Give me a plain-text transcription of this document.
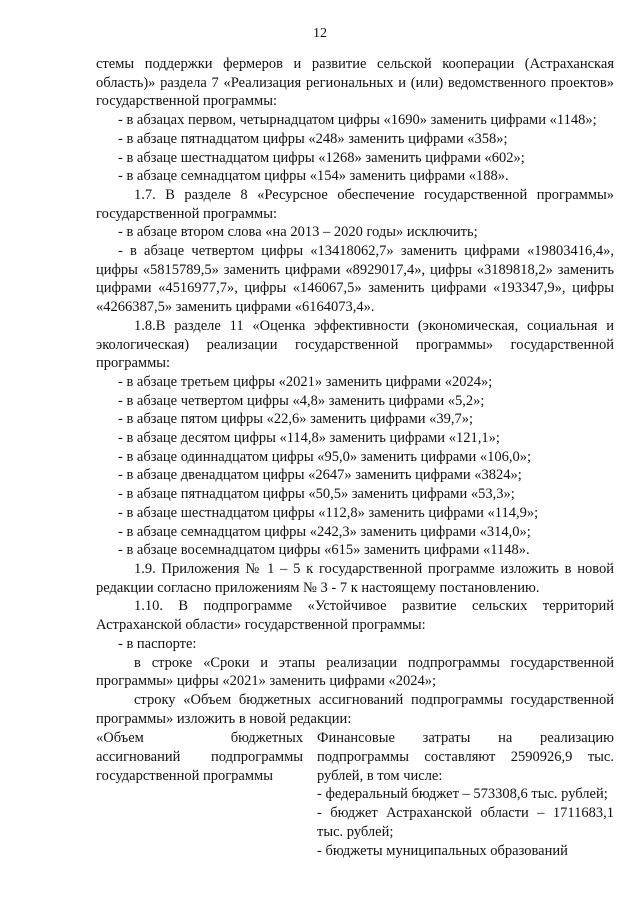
12

стемы поддержки фермеров и развитие сельской кооперации (Астраханская область)» раздела 7 «Реализация региональных и (или) ведомственного проектов» государственной программы:

- в абзацах первом, четырнадцатом цифры «1690» заменить цифрами «1148»;

- в абзаце пятнадцатом цифры «248» заменить цифрами «358»;

- в абзаце шестнадцатом цифры «1268» заменить цифрами «602»;

- в абзаце семнадцатом цифры «154» заменить цифрами «188».

1.7. В разделе 8 «Ресурсное обеспечение государственной программы» государственной программы:

- в абзаце втором слова «на 2013 – 2020 годы» исключить;

- в абзаце четвертом цифры «13418062,7» заменить цифрами «19803416,4», цифры «5815789,5» заменить цифрами «8929017,4», цифры «3189818,2» заменить цифрами «4516977,7», цифры «146067,5» заменить цифрами «193347,9», цифры «4266387,5» заменить цифрами «6164073,4».

1.8.В разделе 11 «Оценка эффективности (экономическая, социальная и экологическая) реализации государственной программы» государственной программы:

- в абзаце третьем цифры «2021» заменить цифрами «2024»;

- в абзаце четвертом цифры «4,8» заменить цифрами «5,2»;

- в абзаце пятом цифры «22,6» заменить цифрами «39,7»;

- в абзаце десятом цифры «114,8» заменить цифрами «121,1»;

- в абзаце одиннадцатом цифры «95,0» заменить цифрами «106,0»;

- в абзаце двенадцатом цифры «2647» заменить цифрами «3824»;

- в абзаце пятнадцатом цифры «50,5» заменить цифрами «53,3»;

- в абзаце шестнадцатом цифры «112,8» заменить цифрами «114,9»;

- в абзаце семнадцатом цифры «242,3» заменить цифрами «314,0»;

- в абзаце восемнадцатом цифры «615» заменить цифрами «1148».

1.9. Приложения № 1 – 5 к государственной программе изложить в новой редакции согласно приложениям № 3 - 7 к настоящему постановлению.

1.10. В подпрограмме «Устойчивое развитие сельских территорий Астраханской области» государственной программы:

- в паспорте:

в строке «Сроки и этапы реализации подпрограммы государственной программы» цифры «2021» заменить цифрами «2024»;

строку «Объем бюджетных ассигнований подпрограммы государственной программы» изложить в новой редакции:

«Объем бюджетных ассигнований подпрограммы государственной программы

Финансовые затраты на реализацию подпрограммы составляют 2590926,9 тыс. рублей, в том числе:

- федеральный бюджет – 573308,6 тыс. рублей;

- бюджет Астраханской области – 1711683,1 тыс. рублей;

- бюджеты муниципальных образований
